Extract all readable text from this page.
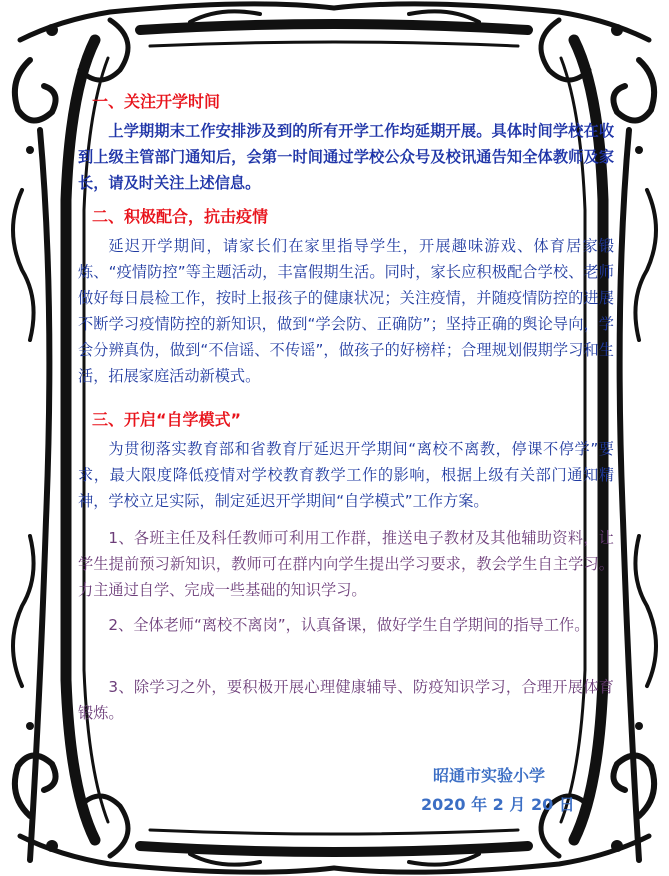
一、关注开学时间

上学期期末工作安排涉及到的所有开学工作均延期开展。具体时间学校在收到上级主管部门通知后，会第一时间通过学校公众号及校讯通告知全体教师及家长，请及时关注上述信息。

二、积极配合，抗击疫情

延迟开学期间，请家长们在家里指导学生，开展趣味游戏、体育居家锻炼、“疫情防控”等主题活动，丰富假期生活。同时，家长应积极配合学校、老师做好每日晨检工作，按时上报孩子的健康状况；关注疫情，并随疫情防控的进展不断学习疫情防控的新知识，做到“学会防、正确防”；坚持正确的舆论导向，学会分辨真伪，做到“不信谣、不传谣”，做孩子的好榜样；合理规划假期学习和生活，拓展家庭活动新模式。

三、开启“自学模式”

为贯彻落实教育部和省教育厅延迟开学期间“离校不离教，停课不停学”要求，最大限度降低疫情对学校教育教学工作的影响，根据上级有关部门通知精神，学校立足实际，制定延迟开学期间“自学模式”工作方案。

1、各班主任及科任教师可利用工作群，推送电子教材及其他辅助资料，让学生提前预习新知识，教师可在群内向学生提出学习要求，教会学生自主学习。力主通过自学、完成一些基础的知识学习。

2、全体老师“离校不离岗”，认真备课，做好学生自学期间的指导工作。

3、除学习之外，要积极开展心理健康辅导、防疫知识学习，合理开展体育锻炼。

昭通市实验小学
2020 年 2 月 20 日
